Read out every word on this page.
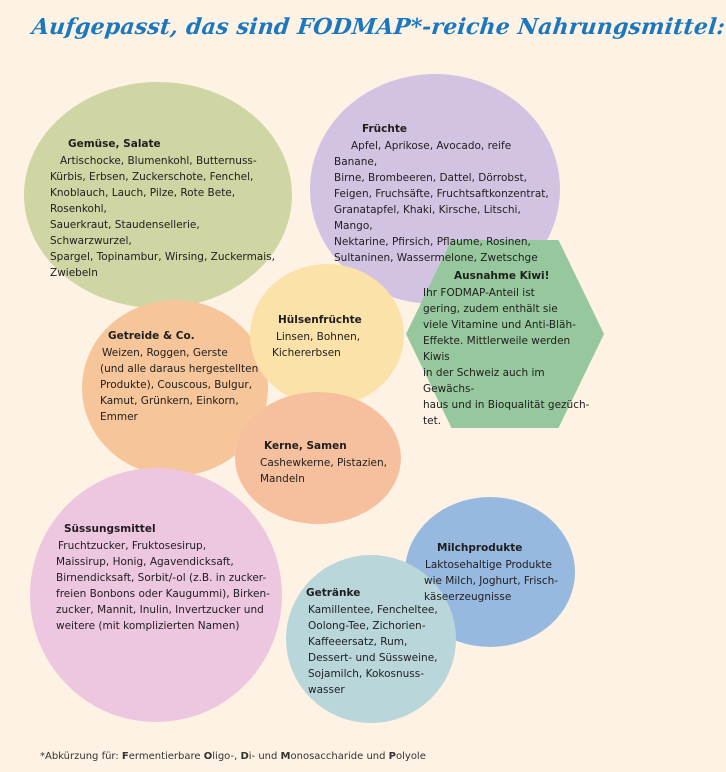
Aufgepasst, das sind FODMAP*-reiche Nahrungsmittel:
Gemüse, Salate

Artischocke, Blumenkohl, Butternuss-
Kürbis, Erbsen, Zuckerschote, Fenchel,
Knoblauch, Lauch, Pilze, Rote Bete, Rosenkohl,
Sauerkraut, Staudensellerie, Schwarzwurzel,
Spargel, Topinambur, Wirsing, Zuckermais,
Zwiebeln

Früchte

Apfel, Aprikose, Avocado, reife Banane,
Birne, Brombeeren, Dattel, Dörrobst,
Feigen, Fruchsäfte, Fruchtsaftkonzentrat,
Granatapfel, Khaki, Kirsche, Litschi, Mango,
Nektarine, Pfirsich, Pflaume, Rosinen,
Sultaninen, Wassermelone, Zwetschge

Ausnahme Kiwi!

Ihr FODMAP-Anteil ist
gering, zudem enthält sie
viele Vitamine und Anti-Bläh-
Effekte. Mittlerweile werden Kiwis
in der Schweiz auch im Gewächs-
haus und in Bioqualität gezüch-
tet.

Hülsenfrüchte

Linsen, Bohnen,
Kichererbsen

Getreide & Co.

Weizen, Roggen, Gerste
(und alle daraus hergestellten
Produkte), Couscous, Bulgur,
Kamut, Grünkern, Einkorn,
Emmer

Kerne, Samen

Cashewkerne, Pistazien,
Mandeln

Süssungsmittel

Fruchtzucker, Fruktosesirup,
Maissirup, Honig, Agavendicksaft,
Birnendicksaft, Sorbit/-ol (z.B. in zucker-
freien Bonbons oder Kaugummi), Birken-
zucker, Mannit, Inulin, Invertzucker und
weitere (mit komplizierten Namen)

Milchprodukte

Laktosehaltige Produkte
wie Milch, Joghurt, Frisch-
käseerzeugnisse

Getränke

Kamillentee, Fencheltee,
Oolong-Tee, Zichorien-
Kaffeeersatz, Rum,
Dessert- und Süssweine,
Sojamilch, Kokosnuss-
wasser

*Abkürzung für: Fermentierbare Oligo-, Di- und Monosaccharide und Polyole
